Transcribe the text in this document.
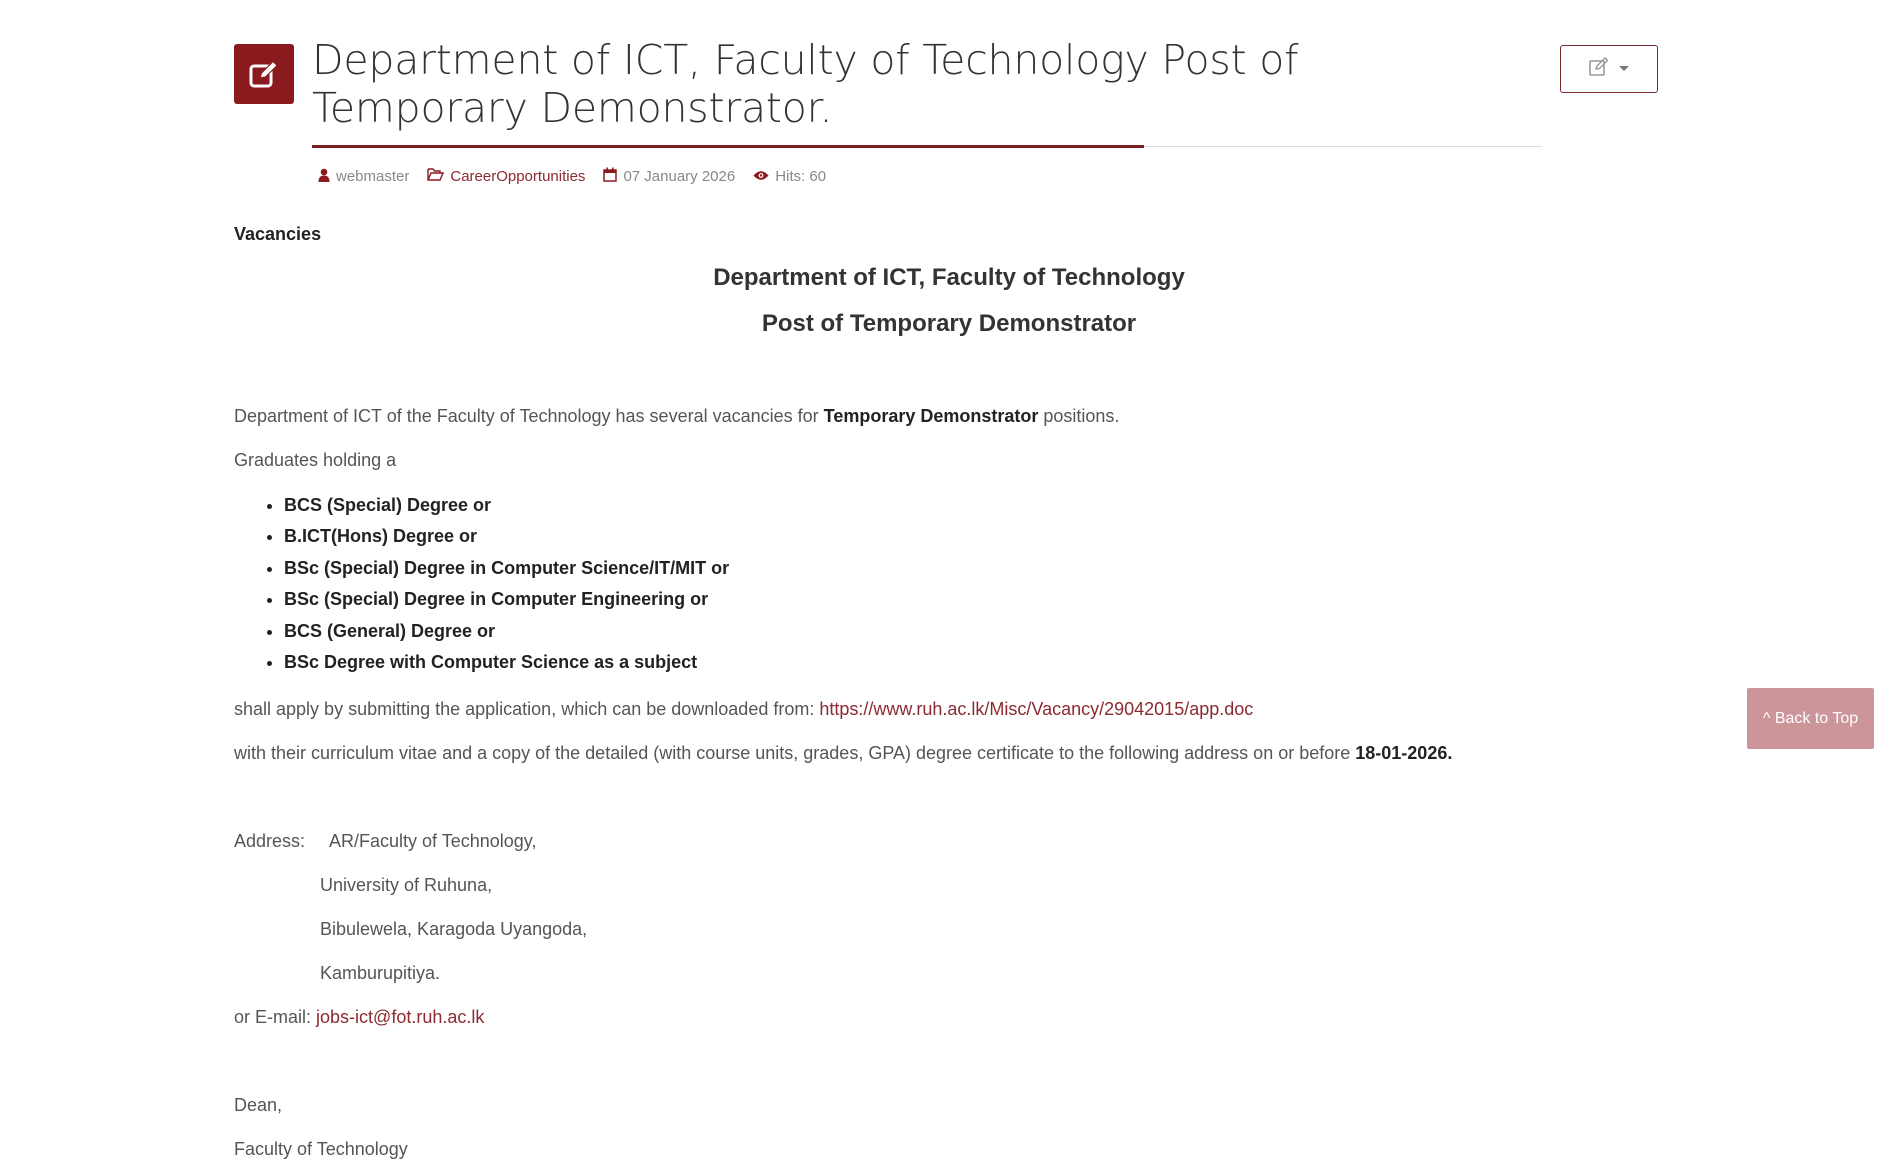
Department of ICT, Faculty of Technology Post of Temporary Demonstrator.
webmaster	CareerOpportunities	07 January 2026	Hits: 60
Vacancies
Department of ICT, Faculty of Technology
Post of Temporary Demonstrator

Department of ICT of the Faculty of Technology has several vacancies for Temporary Demonstrator positions.

Graduates holding a

• BCS (Special) Degree or
• B.ICT(Hons) Degree or
• BSc (Special) Degree in Computer Science/IT/MIT or
• BSc (Special) Degree in Computer Engineering or
• BCS (General) Degree or
• BSc Degree with Computer Science as a subject

shall apply by submitting the application, which can be downloaded from: https://www.ruh.ac.lk/Misc/Vacancy/29042015/app.doc

with their curriculum vitae and a copy of the detailed (with course units, grades, GPA) degree certificate to the following address on or before 18-01-2026.

Address: AR/Faculty of Technology,

University of Ruhuna,

Bibulewela, Karagoda Uyangoda,

Kamburupitiya.

or E-mail: jobs-ict@fot.ruh.ac.lk

Dean,

Faculty of Technology

^ Back to Top
